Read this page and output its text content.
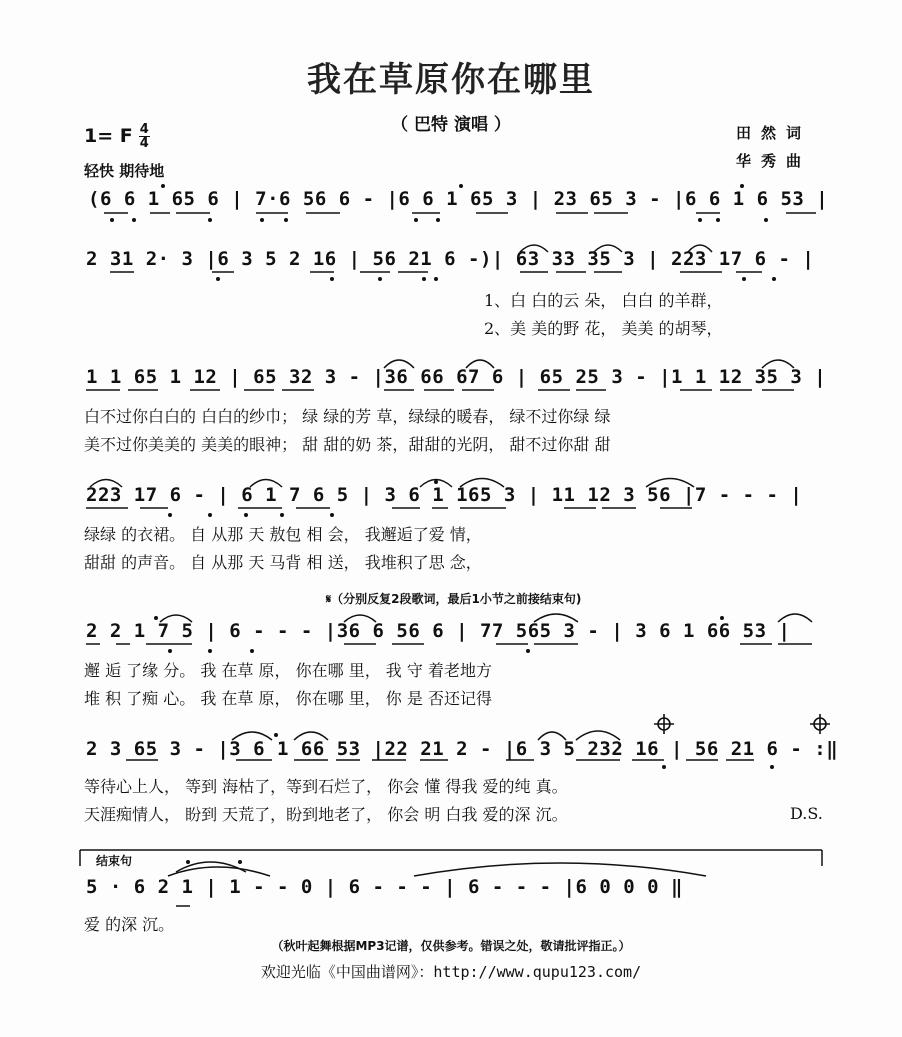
我在草原你在哪里
（ 巴特 演唱 ）
1= F $\frac{4}{4}$
轻快 期待地
田然词
华秀曲
(6 6 1 65 6 | 7·6 56 6 - |6 6 1 65 3 | 23 65 3 - |6 6 1 6 53 |
2 31 2· 3 |6 3 5 2 16 | 56 21 6 -)| 63 33 35 3 | 223 17 6 - |
1、白 白的云 朵， 白白 的羊群，
2、美 美的野 花， 美美 的胡琴，
1 1 65 1 12 | 65 32 3 - |36 66 67 6 | 65 25 3 - |1 1 12 35 3 |
白不过你白白的 白白的纱巾； 绿 绿的芳 草，绿绿的暖春， 绿不过你绿 绿
美不过你美美的 美美的眼神； 甜 甜的奶 茶，甜甜的光阴， 甜不过你甜 甜
223 17 6 - | 6 1 7 6 5 | 3 6 1 165 3 | 11 12 3 56 |7 - - - |
绿绿 的衣裙。 自 从那 天 敖包 相 会， 我邂逅了爱 情，
甜甜 的声音。 自 从那 天 马背 相 送， 我堆积了思 念，
𝄋（分别反复2段歌词，最后1小节之前接结束句)
2 2 1 7 5 | 6 - - - |36 6 56 6 | 77 565 3 - | 3 6 1 66 53 |
邂 逅 了缘 分。 我 在草 原， 你在哪 里， 我 守 着老地方
堆 积 了痴 心。 我 在草 原， 你在哪 里， 你 是 否还记得
2 3 65 3 - |3 6 1 66 53 |22 21 2 - |6 3 5 232 16 | 56 21 6 - :‖
等待心上人， 等到 海枯了，等到石烂了， 你会 懂 得我 爱的纯 真。
天涯痴情人， 盼到 天荒了，盼到地老了， 你会 明 白我 爱的深 沉。	D.S.
结束句
5 · 6 2 1 | 1 - - 0 | 6 - - - | 6 - - - |6 0 0 0 ‖
爱 的深 沉。
（秋叶起舞根据MP3记谱，仅供参考。错误之处，敬请批评指正。）
欢迎光临《中国曲谱网》：http://www.qupu123.com/
